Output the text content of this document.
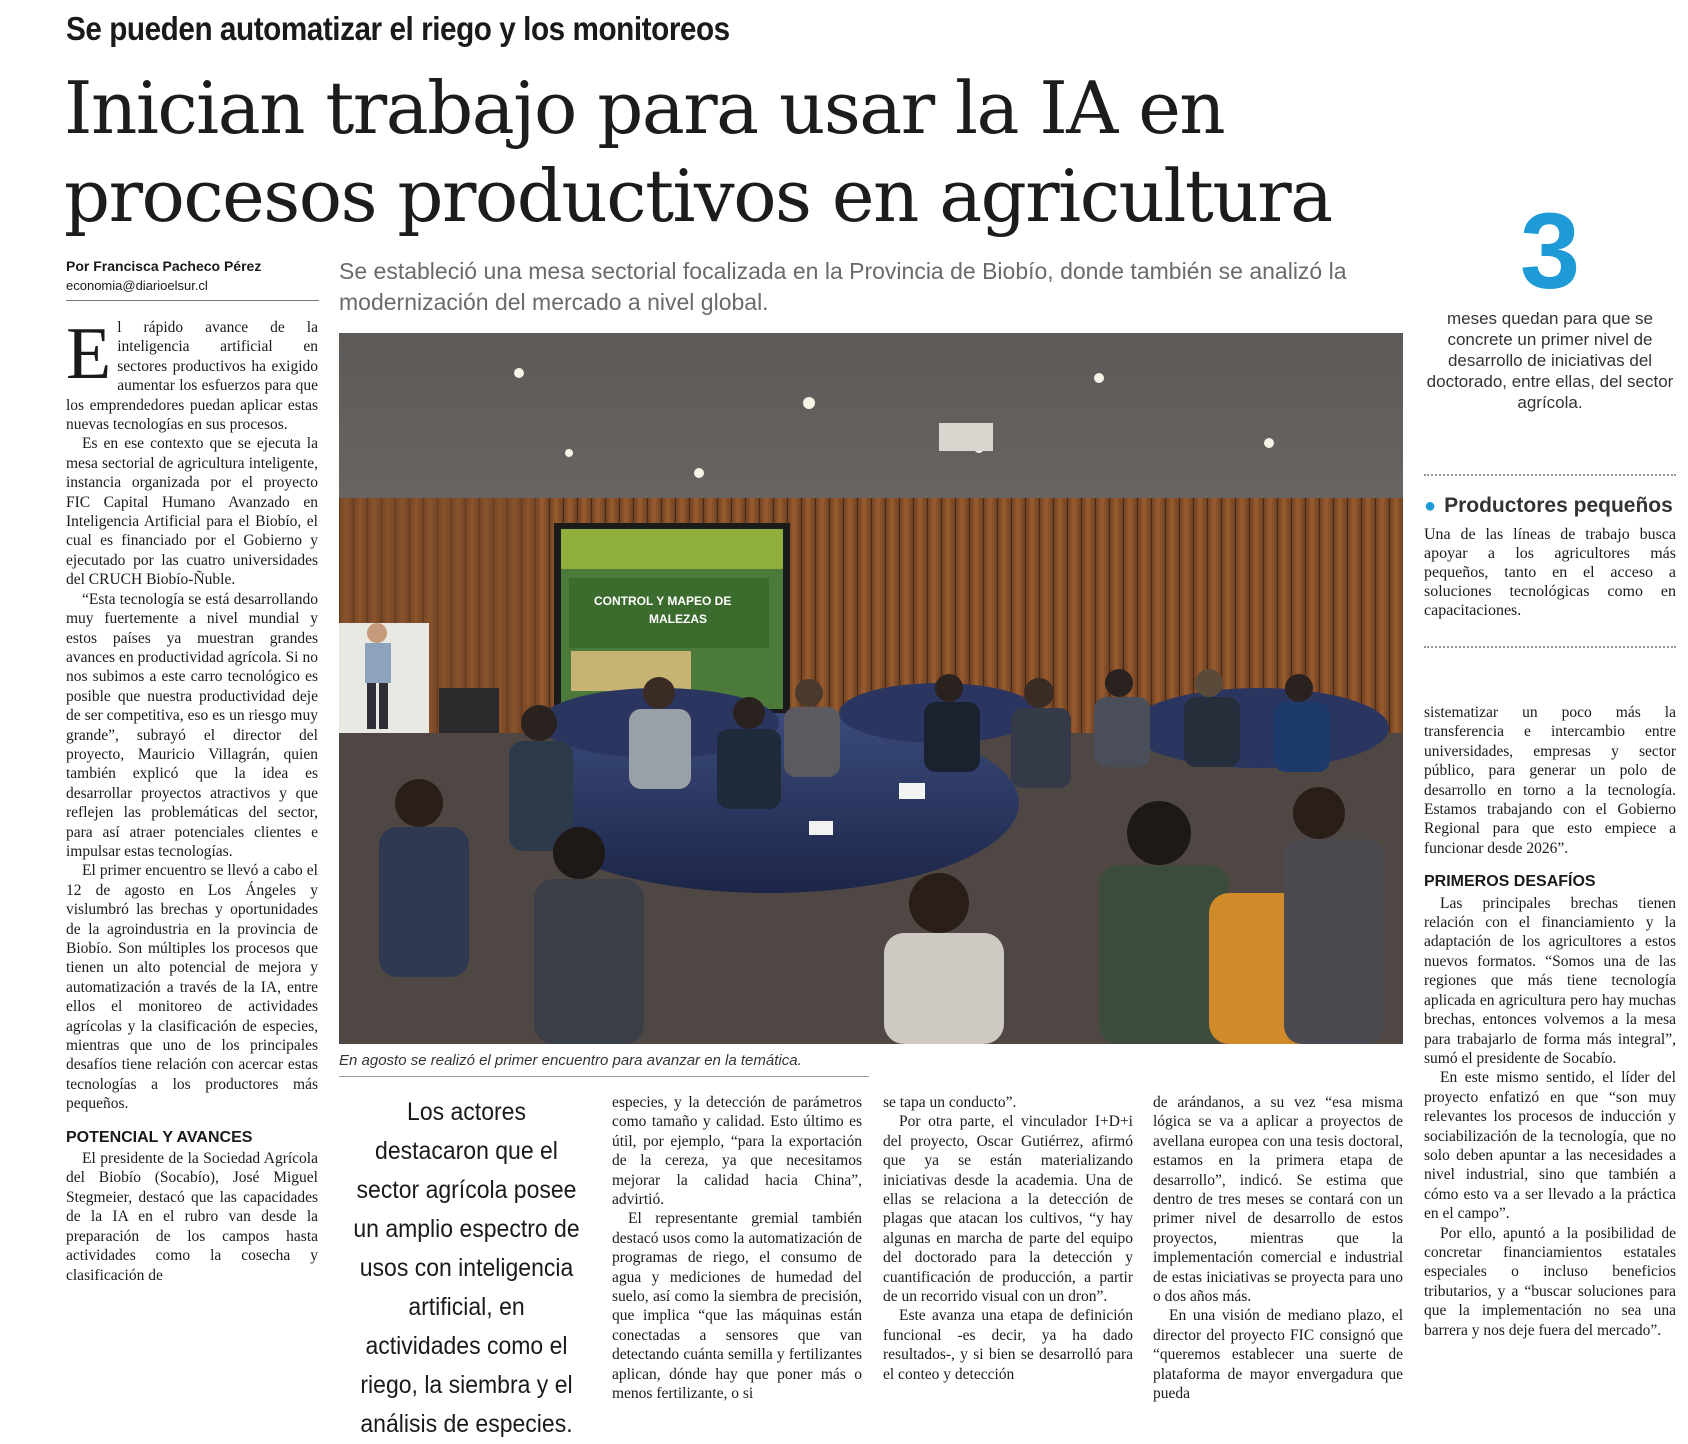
Se pueden automatizar el riego y los monitoreos
Inician trabajo para usar la IA en procesos productivos en agricultura
Por Francisca Pacheco Pérez
economia@diarioelsur.cl
Se estableció una mesa sectorial focalizada en la Provincia de Biobío, donde también se analizó la modernización del mercado a nivel global.

El rápido avance de la inteligencia artificial en sectores productivos ha exigido aumentar los esfuerzos para que los emprendedores puedan aplicar estas nuevas tecnologías en sus procesos.

Es en ese contexto que se ejecuta la mesa sectorial de agricultura inteligente, instancia organizada por el proyecto FIC Capital Humano Avanzado en Inteligencia Artificial para el Biobío, el cual es financiado por el Gobierno y ejecutado por las cuatro universidades del CRUCH Biobío-Ñuble.

“Esta tecnología se está desarrollando muy fuertemente a nivel mundial y estos países ya muestran grandes avances en productividad agrícola. Si no nos subimos a este carro tecnológico es posible que nuestra productividad deje de ser competitiva, eso es un riesgo muy grande”, subrayó el director del proyecto, Mauricio Villagrán, quien también explicó que la idea es desarrollar proyectos atractivos y que reflejen las problemáticas del sector, para así atraer potenciales clientes e impulsar estas tecnologías.

El primer encuentro se llevó a cabo el 12 de agosto en Los Ángeles y vislumbró las brechas y oportunidades de la agroindustria en la provincia de Biobío. Son múltiples los procesos que tienen un alto potencial de mejora y automatización a través de la IA, entre ellos el monitoreo de actividades agrícolas y la clasificación de especies, mientras que uno de los principales desafíos tiene relación con acercar estas tecnologías a los productores más pequeños.

POTENCIAL Y AVANCES

El presidente de la Sociedad Agrícola del Biobío (Socabío), José Miguel Stegmeier, destacó que las capacidades de la IA en el rubro van desde la preparación de los campos hasta actividades como la cosecha y clasificación de

CONTROL Y MAPEO DE
MALEZAS
En agosto se realizó el primer encuentro para avanzar en la temática.
Los actores destacaron que el sector agrícola posee un amplio espectro de usos con inteligencia artificial, en actividades como el riego, la siembra y el análisis de especies.

especies, y la detección de parámetros como tamaño y calidad. Esto último es útil, por ejemplo, “para la exportación de la cereza, ya que necesitamos mejorar la calidad hacia China”, advirtió.

El representante gremial también destacó usos como la automatización de programas de riego, el consumo de agua y mediciones de humedad del suelo, así como la siembra de precisión, que implica “que las máquinas están conectadas a sensores que van detectando cuánta semilla y fertilizantes aplican, dónde hay que poner más o menos fertilizante, o si

se tapa un conducto”.

Por otra parte, el vinculador I+D+i del proyecto, Oscar Gutiérrez, afirmó que ya se están materializando iniciativas desde la academia. Una de ellas se relaciona a la detección de plagas que atacan los cultivos, “y hay algunas en marcha de parte del equipo del doctorado para la detección y cuantificación de producción, a partir de un recorrido visual con un dron”.

Este avanza una etapa de definición funcional -es decir, ya ha dado resultados-, y si bien se desarrolló para el conteo y detección

de arándanos, a su vez “esa misma lógica se va a aplicar a proyectos de avellana europea con una tesis doctoral, estamos en la primera etapa de desarrollo”, indicó. Se estima que dentro de tres meses se contará con un primer nivel de desarrollo de estos proyectos, mientras que la implementación comercial e industrial de estas iniciativas se proyecta para uno o dos años más.

En una visión de mediano plazo, el director del proyecto FIC consignó que “queremos establecer una suerte de plataforma de mayor envergadura que pueda

3
meses quedan para que se concrete un primer nivel de desarrollo de iniciativas del doctorado, entre ellas, del sector agrícola.
● Productores pequeños

Una de las líneas de trabajo busca apoyar a los agricultores más pequeños, tanto en el acceso a soluciones tecnológicas como en capacitaciones.

sistematizar un poco más la transferencia e intercambio entre universidades, empresas y sector público, para generar un polo de desarrollo en torno a la tecnología. Estamos trabajando con el Gobierno Regional para que esto empiece a funcionar desde 2026”.

PRIMEROS DESAFÍOS

Las principales brechas tienen relación con el financiamiento y la adaptación de los agricultores a estos nuevos formatos. “Somos una de las regiones que más tiene tecnología aplicada en agricultura pero hay muchas brechas, entonces volvemos a la mesa para trabajarlo de forma más integral”, sumó el presidente de Socabío.

En este mismo sentido, el líder del proyecto enfatizó en que “son muy relevantes los procesos de inducción y sociabilización de la tecnología, que no solo deben apuntar a las necesidades a nivel industrial, sino que también a cómo esto va a ser llevado a la práctica en el campo”.

Por ello, apuntó a la posibilidad de concretar financiamientos estatales especiales o incluso beneficios tributarios, y a “buscar soluciones para que la implementación no sea una barrera y nos deje fuera del mercado”.
